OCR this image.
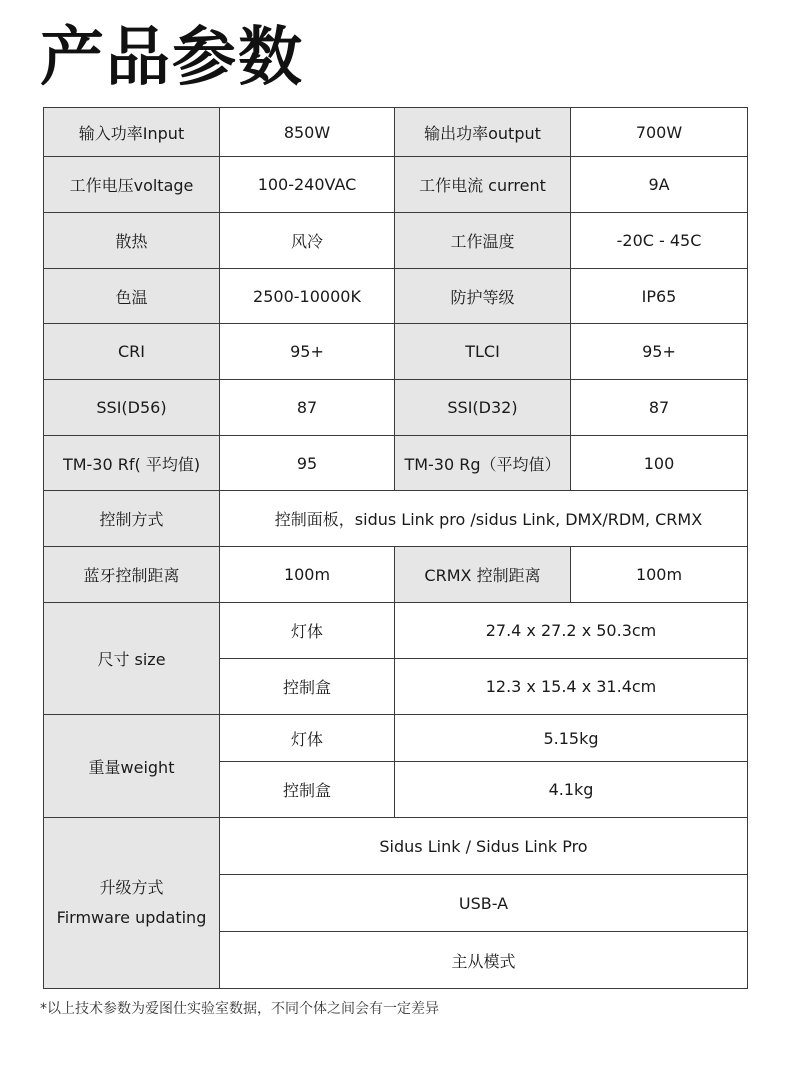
产品参数
输入功率Input	850W	输出功率output	700W
工作电压voltage	100-240VAC	工作电流 current	9A
散热	风冷	工作温度	-20C - 45C
色温	2500-10000K	防护等级	IP65
CRI	95+	TLCI	95+
SSI(D56)	87	SSI(D32)	87
TM-30 Rf( 平均值)	95	TM-30 Rg（平均值）	100
控制方式	控制面板，sidus Link pro /sidus Link, DMX/RDM, CRMX		
蓝牙控制距离	100m	CRMX 控制距离	100m
尺寸 size	灯体	27.4 x 27.2 x 50.3cm	
	控制盒	12.3 x 15.4 x 31.4cm	
重量weight	灯体	5.15kg	
	控制盒	4.1kg	

升级方式
Firmware updating	Sidus Link / Sidus Link Pro		
	USB-A		
	主从模式		
*以上技术参数为爱图仕实验室数据，不同个体之间会有一定差异
